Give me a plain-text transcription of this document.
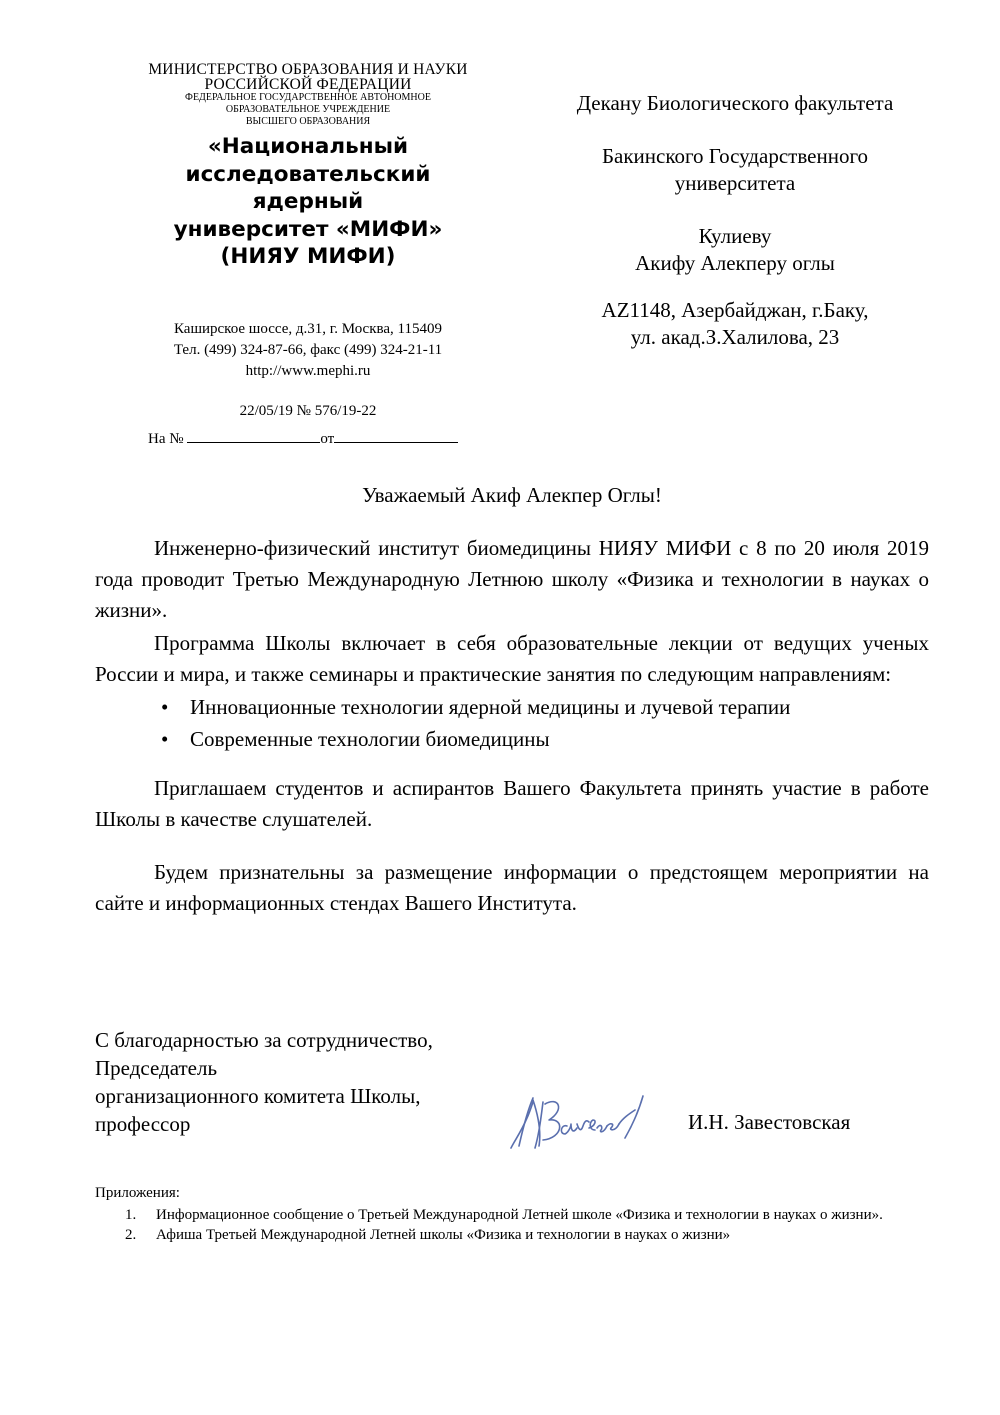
МИНИСТЕРСТВО ОБРАЗОВАНИЯ И НАУКИ
РОССИЙСКОЙ ФЕДЕРАЦИИ
ФЕДЕРАЛЬНОЕ ГОСУДАРСТВЕННОЕ АВТОНОМНОЕ
ОБРАЗОВАТЕЛЬНОЕ УЧРЕЖДЕНИЕ
ВЫСШЕГО ОБРАЗОВАНИЯ
«Национальный
исследовательский ядерный
университет «МИФИ»
(НИЯУ МИФИ)
Каширское шоссе, д.31, г. Москва, 115409
Тел. (499) 324-87-66, факс (499) 324-21-11
http://www.mephi.ru
22/05/19 № 576/19-22
На №	от

Декану Биологического факультета

Бакинского Государственного

университета

Кулиеву

Акифу Алекперу оглы

AZ1148, Азербайджан, г.Баку,

ул. акад.З.Халилова, 23

Уважаемый Акиф Алекпер Оглы!

Инженерно-физический институт биомедицины НИЯУ МИФИ с 8 по 20 июля 2019 года проводит Третью Международную Летнюю школу «Физика и технологии в науках о жизни».

Программа Школы включает в себя образовательные лекции от ведущих ученых России и мира, и также семинары и практические занятия по следующим направлениям:

• Инновационные технологии ядерной медицины и лучевой терапии
• Современные технологии биомедицины

Приглашаем студентов и аспирантов Вашего Факультета принять участие в работе Школы в качестве слушателей.

Будем признательны за размещение информации о предстоящем мероприятии на сайте и информационных стендах Вашего Института.

С благодарностью за сотрудничество,
Председатель
организационного комитета Школы,
профессор	И.Н. Завестовская
Приложения:
1. Информационное сообщение о Третьей Международной Летней школе «Физика и технологии в науках о жизни».
2. Афиша Третьей Международной Летней школы «Физика и технологии в науках о жизни»
